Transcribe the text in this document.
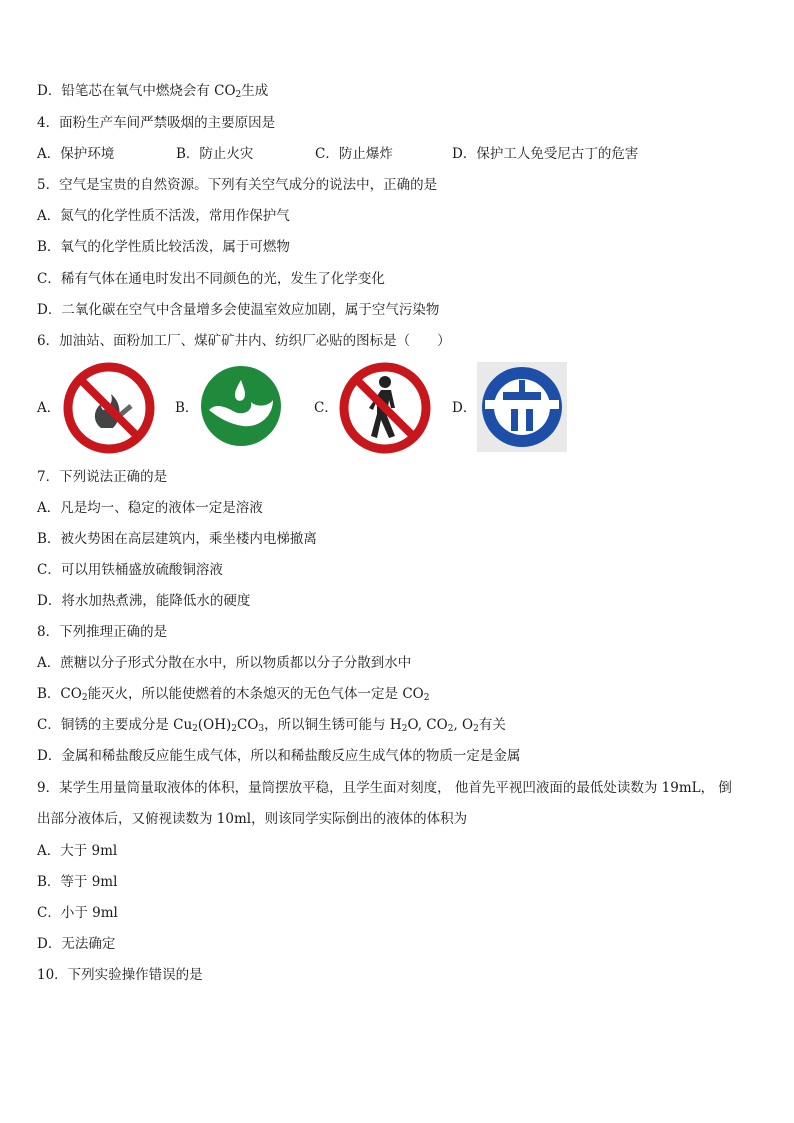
D．铅笔芯在氧气中燃烧会有 $CO_2$生成
4．面粉生产车间严禁吸烟的主要原因是
A．保护环境	B．防止火灾	C．防止爆炸	D．保护工人免受尼古丁的危害
5．空气是宝贵的自然资源。下列有关空气成分的说法中，正确的是
A．氮气的化学性质不活泼，常用作保护气
B．氧气的化学性质比较活泼，属于可燃物
C．稀有气体在通电时发出不同颜色的光，发生了化学变化
D．二氧化碳在空气中含量增多会使温室效应加剧，属于空气污染物
6．加油站、面粉加工厂、煤矿矿井内、纺织厂必贴的图标是（　　）
A．	B．	C．	D．
7．下列说法正确的是
A．凡是均一、稳定的液体一定是溶液
B．被火势困在高层建筑内，乘坐楼内电梯撤离
C．可以用铁桶盛放硫酸铜溶液
D．将水加热煮沸，能降低水的硬度
8．下列推理正确的是
A．蔗糖以分子形式分散在水中，所以物质都以分子分散到水中
B．$CO_2$能灭火，所以能使燃着的木条熄灭的无色气体一定是 $CO_2$
C．铜锈的主要成分是 $Cu_2(OH)_2CO_3$，所以铜生锈可能与 $H_2O$, $CO_2$, $O_2$有关
D．金属和稀盐酸反应能生成气体，所以和稀盐酸反应生成气体的物质一定是金属
9．某学生用量筒量取液体的体积，量筒摆放平稳，且学生面对刻度， 他首先平视凹液面的最低处读数为 19mL， 倒
出部分液体后，又俯视读数为 10ml，则该同学实际倒出的液体的体积为
A．大于 9ml
B．等于 9ml
C．小于 9ml
D．无法确定
10．下列实验操作错误的是
